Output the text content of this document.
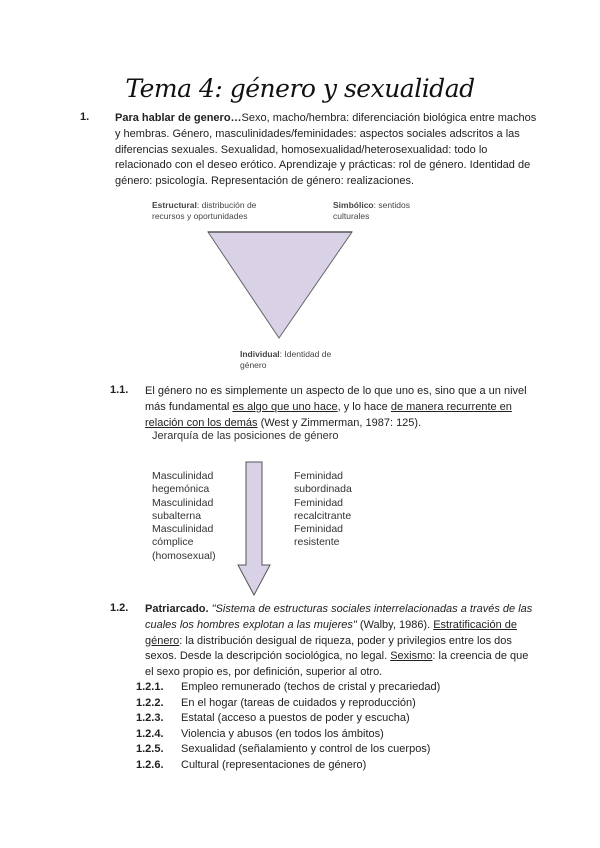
Tema 4: género y sexualidad
1. Para hablar de genero…Sexo, macho/hembra: diferenciación biológica entre machos y hembras. Género, masculinidades/feminidades: aspectos sociales adscritos a las diferencias sexuales. Sexualidad, homosexualidad/heterosexualidad: todo lo relacionado con el deseo erótico. Aprendizaje y prácticas: rol de género. Identidad de género: psicología. Representación de género: realizaciones.
Estructural: distribución de recursos y oportunidades
Simbólico: sentidos culturales
Individual: Identidad de género
1.1. El género no es simplemente un aspecto de lo que uno es, sino que a un nivel más fundamental es algo que uno hace, y lo hace de manera recurrente en relación con los demás (West y Zimmerman, 1987: 125).
Jerarquía de las posiciones de género
Masculinidad hegemónica
Masculinidad subalterna
Masculinidad cómplice (homosexual)
Feminidad subordinada
Feminidad recalcitrante
Feminidad resistente
1.2. Patriarcado. "Sistema de estructuras sociales interrelacionadas a través de las cuales los hombres explotan a las mujeres" (Walby, 1986). Estratificación de género: la distribución desigual de riqueza, poder y privilegios entre los dos sexos. Desde la descripción sociológica, no legal. Sexismo: la creencia de que el sexo propio es, por definición, superior al otro.
1.2.1.	Empleo remunerado (techos de cristal y precariedad)
1.2.2.	En el hogar (tareas de cuidados y reproducción)
1.2.3.	Estatal (acceso a puestos de poder y escucha)
1.2.4.	Violencia y abusos (en todos los ámbitos)
1.2.5.	Sexualidad (señalamiento y control de los cuerpos)
1.2.6.	Cultural (representaciones de género)
